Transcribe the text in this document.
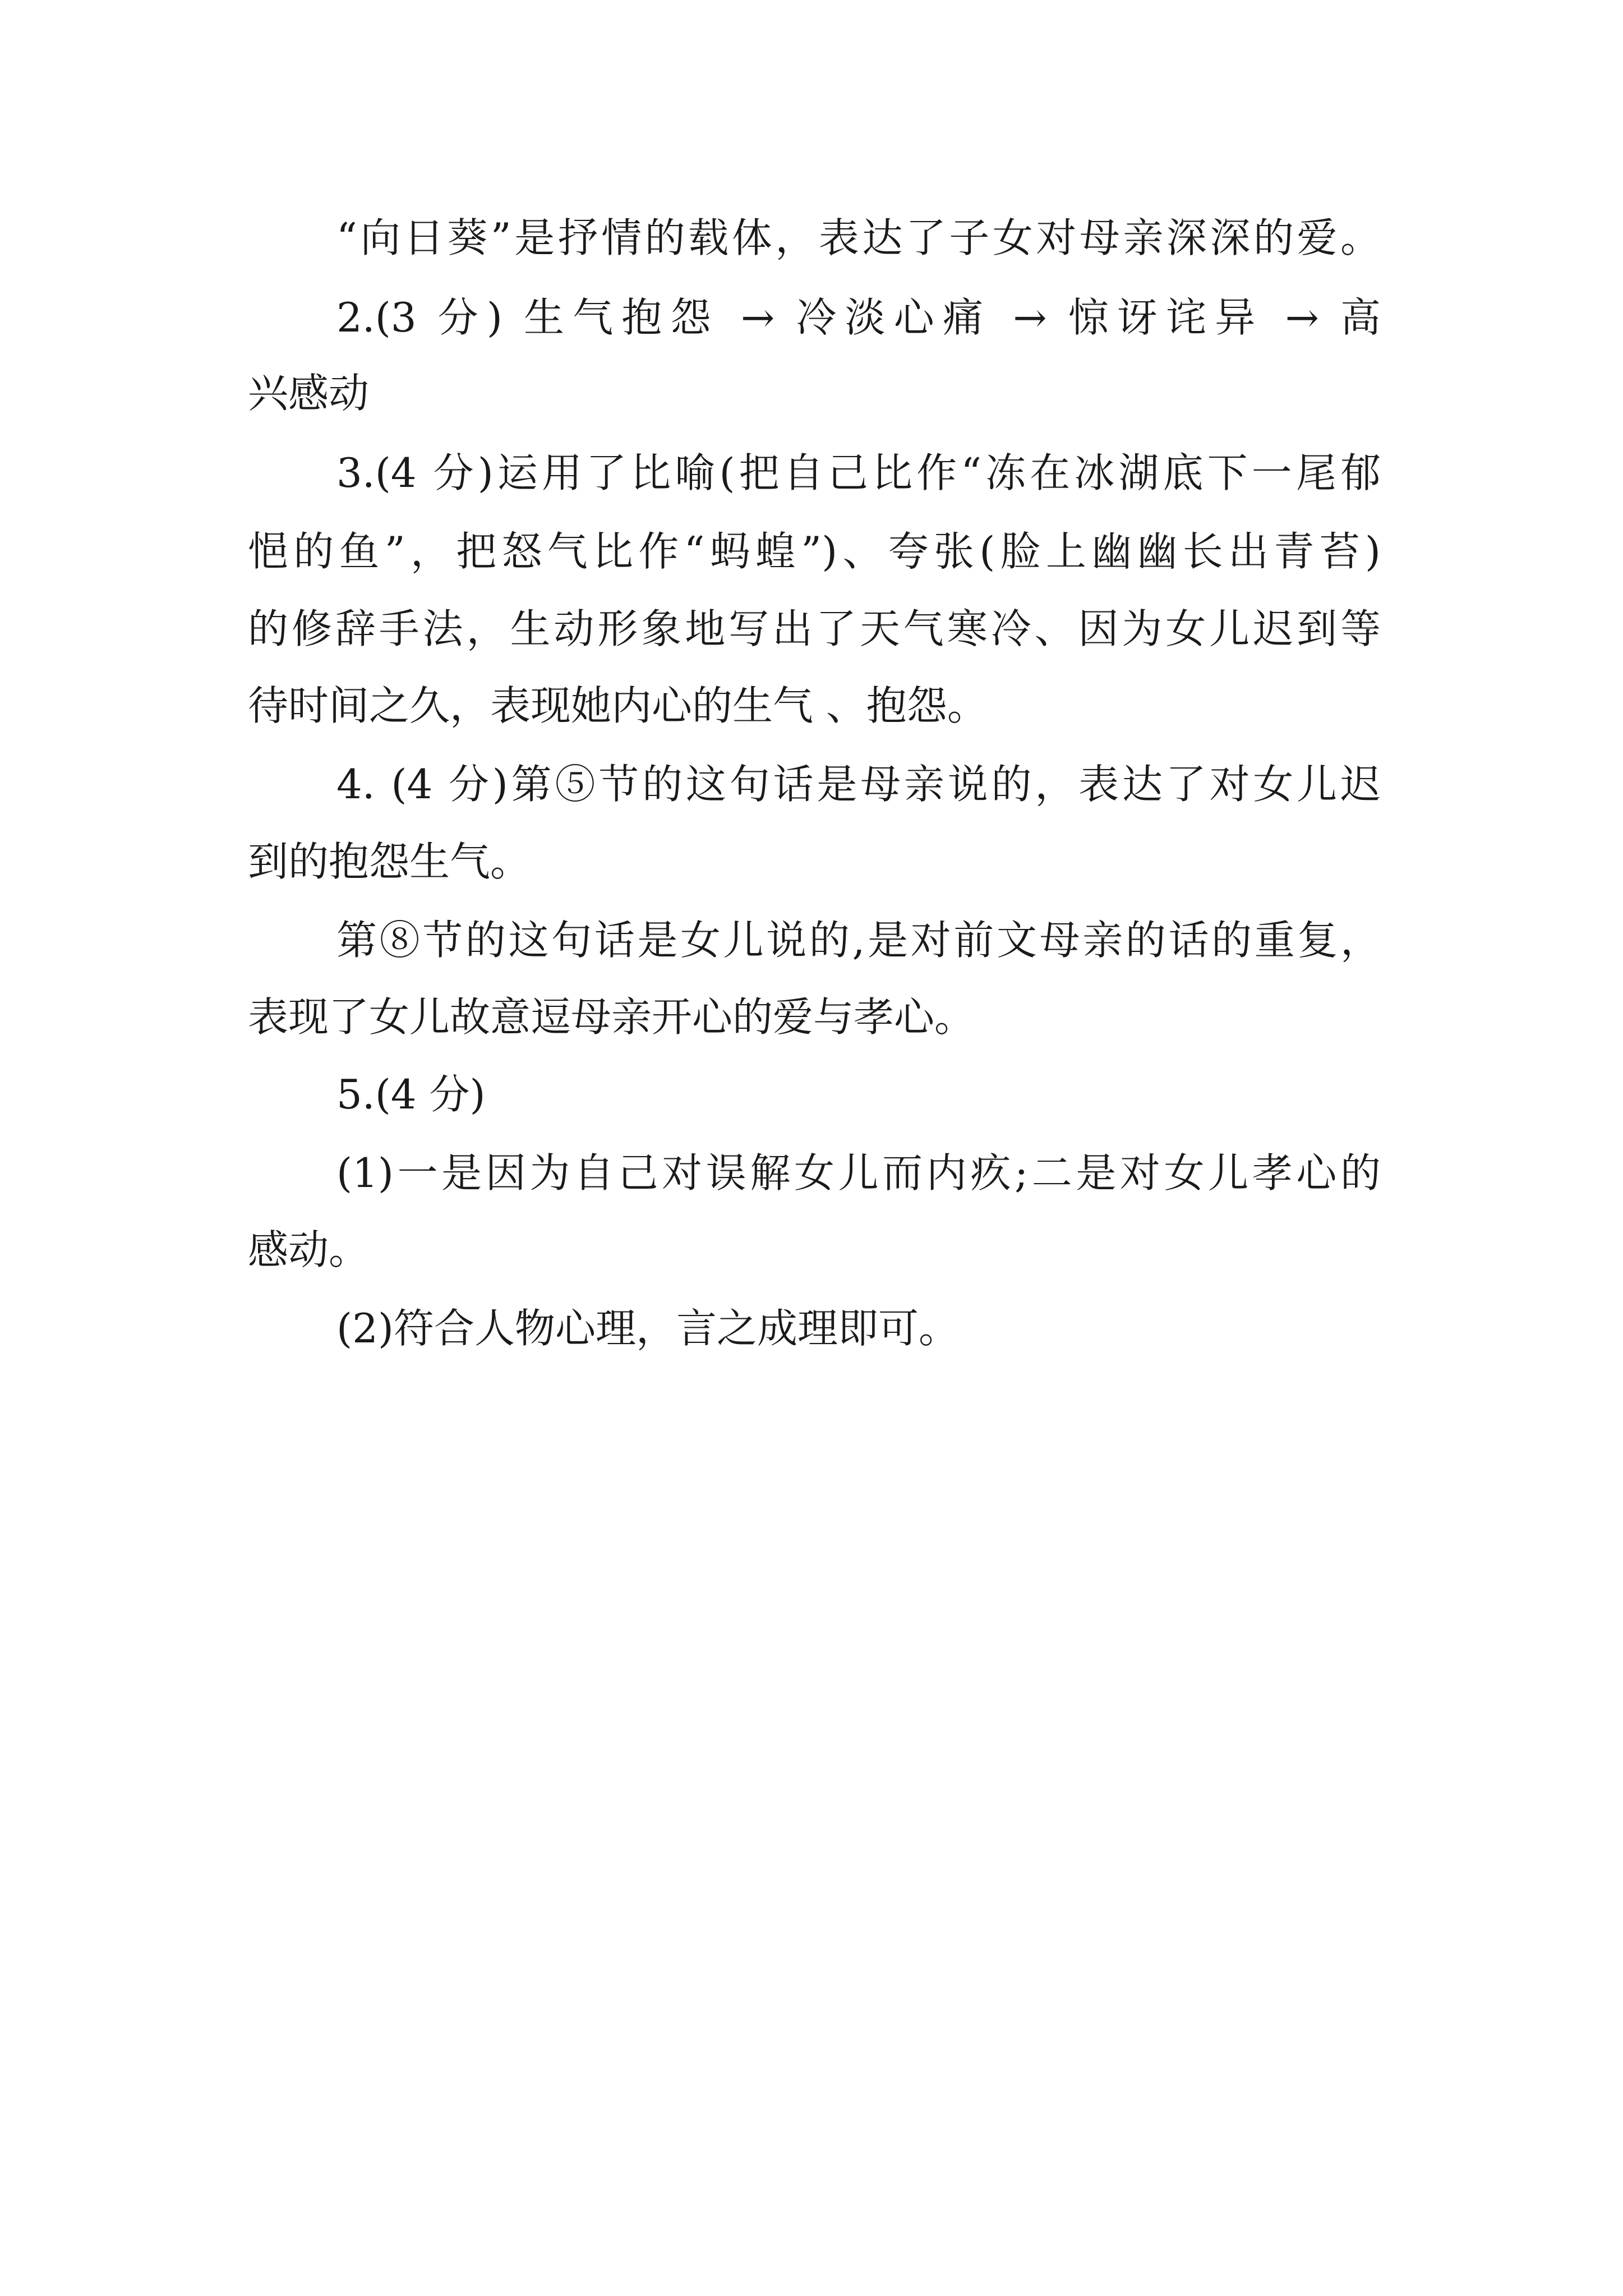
“向日葵”是抒情的载体，表达了子女对母亲深深的爱。

2.(3 分) 生气抱怨 → 冷淡心痛 → 惊讶诧异 → 高

兴感动

3.(4 分)运用了比喻(把自己比作“冻在冰湖底下一尾郁

悒的鱼”，把怒气比作“蚂蝗”)、夸张(脸上幽幽长出青苔)

的修辞手法，生动形象地写出了天气寒冷、因为女儿迟到等

待时间之久，表现她内心的生气 、抱怨。

4. (4 分)第⑤节的这句话是母亲说的，表达了对女儿迟

到的抱怨生气。

第⑧节的这句话是女儿说的,是对前文母亲的话的重复，

表现了女儿故意逗母亲开心的爱与孝心。

5.(4 分)

(1)一是因为自己对误解女儿而内疚;二是对女儿孝心的

感动。

(2)符合人物心理，言之成理即可。
